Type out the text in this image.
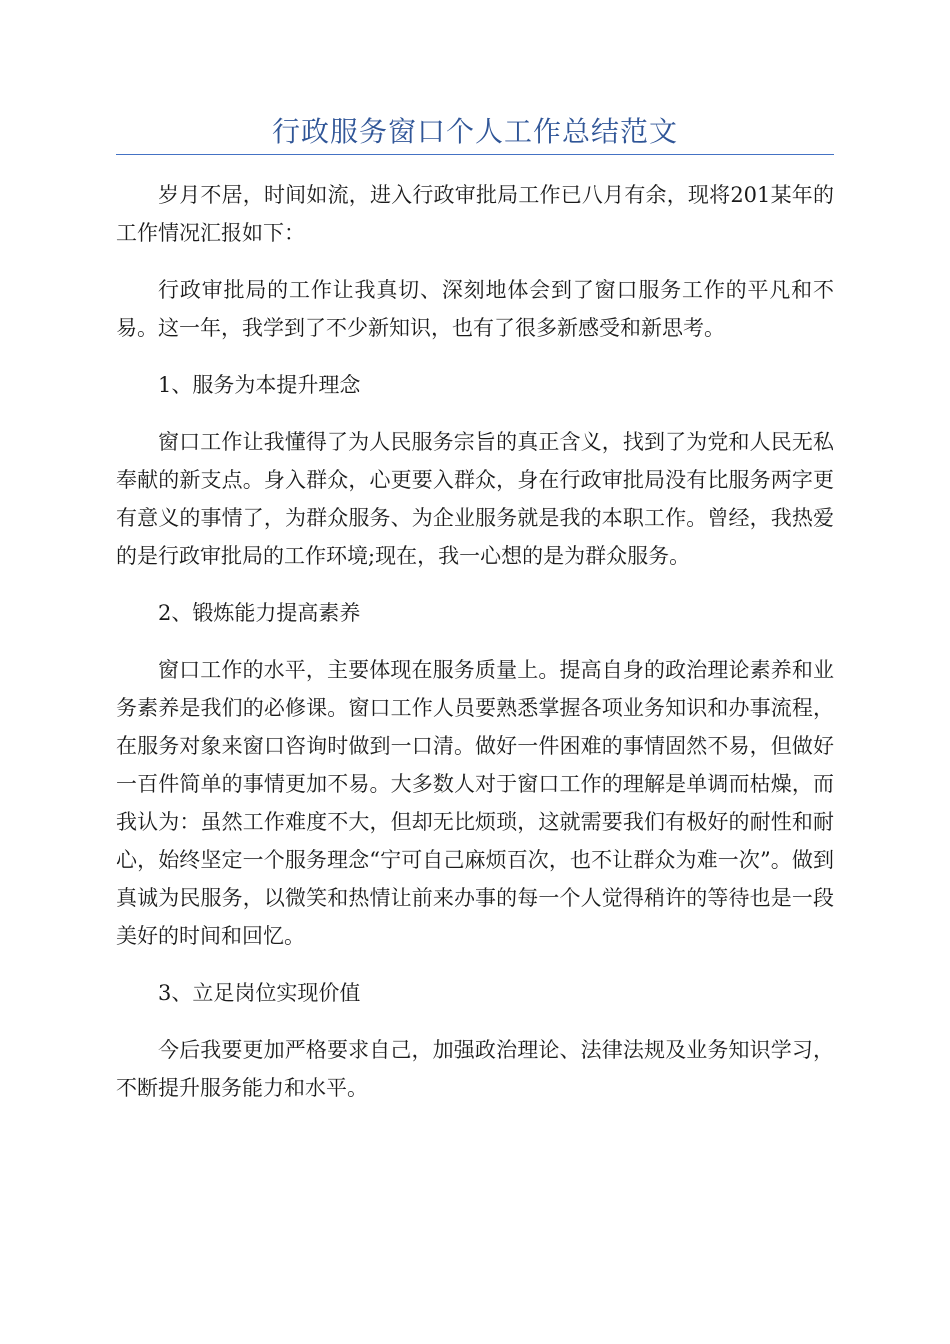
行政服务窗口个人工作总结范文

岁月不居，时间如流，进入行政审批局工作已八月有余，现将201某年的工作情况汇报如下：

行政审批局的工作让我真切、深刻地体会到了窗口服务工作的平凡和不易。这一年，我学到了不少新知识，也有了很多新感受和新思考。

1、服务为本提升理念

窗口工作让我懂得了为人民服务宗旨的真正含义，找到了为党和人民无私奉献的新支点。身入群众，心更要入群众，身在行政审批局没有比服务两字更有意义的事情了，为群众服务、为企业服务就是我的本职工作。曾经，我热爱的是行政审批局的工作环境;现在，我一心想的是为群众服务。

2、锻炼能力提高素养

窗口工作的水平，主要体现在服务质量上。提高自身的政治理论素养和业务素养是我们的必修课。窗口工作人员要熟悉掌握各项业务知识和办事流程，在服务对象来窗口咨询时做到一口清。做好一件困难的事情固然不易，但做好一百件简单的事情更加不易。大多数人对于窗口工作的理解是单调而枯燥，而我认为：虽然工作难度不大，但却无比烦琐，这就需要我们有极好的耐性和耐心，始终坚定一个服务理念“宁可自己麻烦百次，也不让群众为难一次”。做到真诚为民服务，以微笑和热情让前来办事的每一个人觉得稍许的等待也是一段美好的时间和回忆。

3、立足岗位实现价值

今后我要更加严格要求自己，加强政治理论、法律法规及业务知识学习，不断提升服务能力和水平。
